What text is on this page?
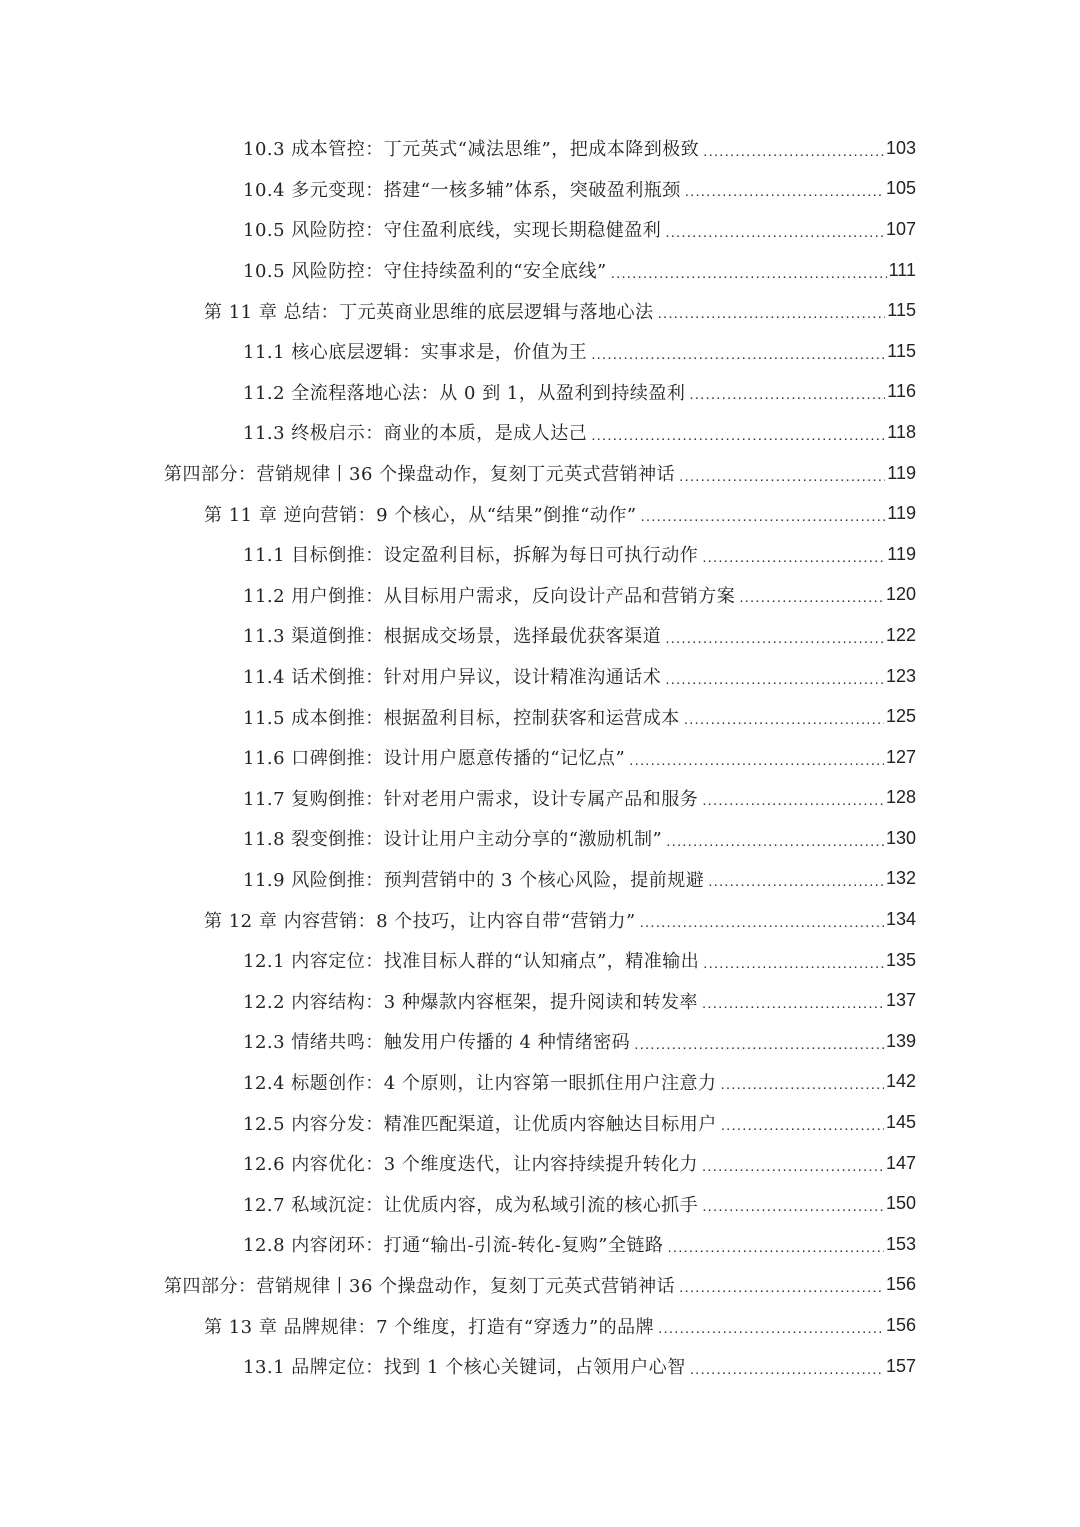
10.3 成本管控：丁元英式“减法思维”，把成本降到极致 .....	103
10.4 多元变现：搭建“一核多辅”体系，突破盈利瓶颈 .....	105
10.5 风险防控：守住盈利底线，实现长期稳健盈利 .....	107
10.5 风险防控：守住持续盈利的“安全底线” .....	111
第 11 章 总结：丁元英商业思维的底层逻辑与落地心法 .....	115
11.1 核心底层逻辑：实事求是，价值为王 .....	115
11.2 全流程落地心法：从 0 到 1，从盈利到持续盈利 .....	116
11.3 终极启示：商业的本质，是成人达己 .....	118
第四部分：营销规律丨36 个操盘动作，复刻丁元英式营销神话 .....	119
第 11 章 逆向营销：9 个核心，从“结果”倒推“动作” .....	119
11.1 目标倒推：设定盈利目标，拆解为每日可执行动作 .....	119
11.2 用户倒推：从目标用户需求，反向设计产品和营销方案 .....	120
11.3 渠道倒推：根据成交场景，选择最优获客渠道 .....	122
11.4 话术倒推：针对用户异议，设计精准沟通话术 .....	123
11.5 成本倒推：根据盈利目标，控制获客和运营成本 .....	125
11.6 口碑倒推：设计用户愿意传播的“记忆点” .....	127
11.7 复购倒推：针对老用户需求，设计专属产品和服务 .....	128
11.8 裂变倒推：设计让用户主动分享的“激励机制” .....	130
11.9 风险倒推：预判营销中的 3 个核心风险，提前规避 .....	132
第 12 章 内容营销：8 个技巧，让内容自带“营销力” .....	134
12.1 内容定位：找准目标人群的“认知痛点”，精准输出 .....	135
12.2 内容结构：3 种爆款内容框架，提升阅读和转发率 .....	137
12.3 情绪共鸣：触发用户传播的 4 种情绪密码 .....	139
12.4 标题创作：4 个原则，让内容第一眼抓住用户注意力 .....	142
12.5 内容分发：精准匹配渠道，让优质内容触达目标用户 .....	145
12.6 内容优化：3 个维度迭代，让内容持续提升转化力 .....	147
12.7 私域沉淀：让优质内容，成为私域引流的核心抓手 .....	150
12.8 内容闭环：打通“输出-引流-转化-复购”全链路 .....	153
第四部分：营销规律丨36 个操盘动作，复刻丁元英式营销神话 .....	156
第 13 章 品牌规律：7 个维度，打造有“穿透力”的品牌 .....	156
13.1 品牌定位：找到 1 个核心关键词，占领用户心智 .....	157
